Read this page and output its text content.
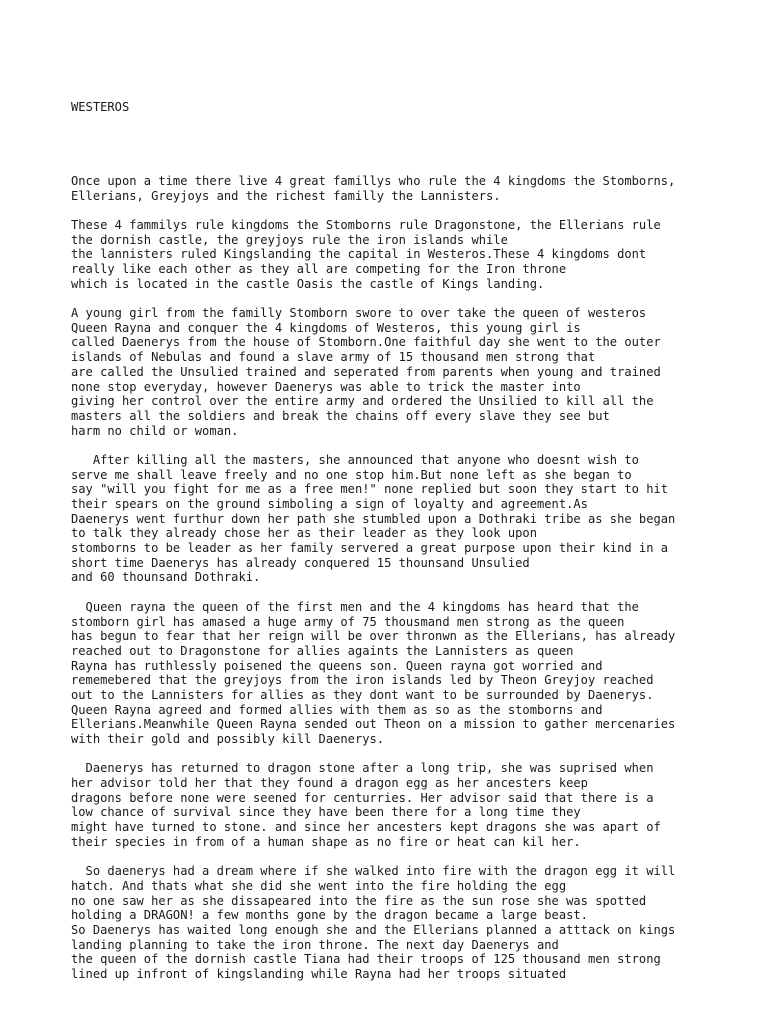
WESTEROS

Once upon a time there live 4 great famillys who rule the 4 kingdoms the Stomborns,
Ellerians, Greyjoys and the richest familly the Lannisters.
These 4 fammilys rule kingdoms the Stomborns rule Dragonstone, the Ellerians rule
the dornish castle, the greyjoys rule the iron islands while
the lannisters ruled Kingslanding the capital in Westeros.These 4 kingdoms dont
really like each other as they all are competing for the Iron throne
which is located in the castle Oasis the castle of Kings landing.
A young girl from the familly Stomborn swore to over take the queen of westeros
Queen Rayna and conquer the 4 kingdoms of Westeros, this young girl is
called Daenerys from the house of Stomborn.One faithful day she went to the outer
islands of Nebulas and found a slave army of 15 thousand men strong that
are called the Unsulied trained and seperated from parents when young and trained
none stop everyday, however Daenerys was able to trick the master into
giving her control over the entire army and ordered the Unsilied to kill all the
masters all the soldiers and break the chains off every slave they see but
harm no child or woman.
After killing all the masters, she announced that anyone who doesnt wish to
serve me shall leave freely and no one stop him.But none left as she began to
say "will you fight for me as a free men!" none replied but soon they start to hit
their spears on the ground simboling a sign of loyalty and agreement.As
Daenerys went furthur down her path she stumbled upon a Dothraki tribe as she began
to talk they already chose her as their leader as they look upon
stomborns to be leader as her family servered a great purpose upon their kind in a
short time Daenerys has already conquered 15 thounsand Unsulied
and 60 thounsand Dothraki.
Queen rayna the queen of the first men and the 4 kingdoms has heard that the
stomborn girl has amased a huge army of 75 thousmand men strong as the queen
has begun to fear that her reign will be over thronwn as the Ellerians, has already
reached out to Dragonstone for allies againts the Lannisters as queen
Rayna has ruthlessly poisened the queens son. Queen rayna got worried and
rememebered that the greyjoys from the iron islands led by Theon Greyjoy reached
out to the Lannisters for allies as they dont want to be surrounded by Daenerys.
Queen Rayna agreed and formed allies with them as so as the stomborns and
Ellerians.Meanwhile Queen Rayna sended out Theon on a mission to gather mercenaries
with their gold and possibly kill Daenerys.
Daenerys has returned to dragon stone after a long trip, she was suprised when
her advisor told her that they found a dragon egg as her ancesters keep
dragons before none were seened for centurries. Her advisor said that there is a
low chance of survival since they have been there for a long time they
might have turned to stone. and since her ancesters kept dragons she was apart of
their species in from of a human shape as no fire or heat can kil her.
So daenerys had a dream where if she walked into fire with the dragon egg it will
hatch. And thats what she did she went into the fire holding the egg
no one saw her as she dissapeared into the fire as the sun rose she was spotted
holding a DRAGON! a few months gone by the dragon became a large beast.
So Daenerys has waited long enough she and the Ellerians planned a atttack on kings
landing planning to take the iron throne. The next day Daenerys and
the queen of the dornish castle Tiana had their troops of 125 thousand men strong
lined up infront of kingslanding while Rayna had her troops situated
